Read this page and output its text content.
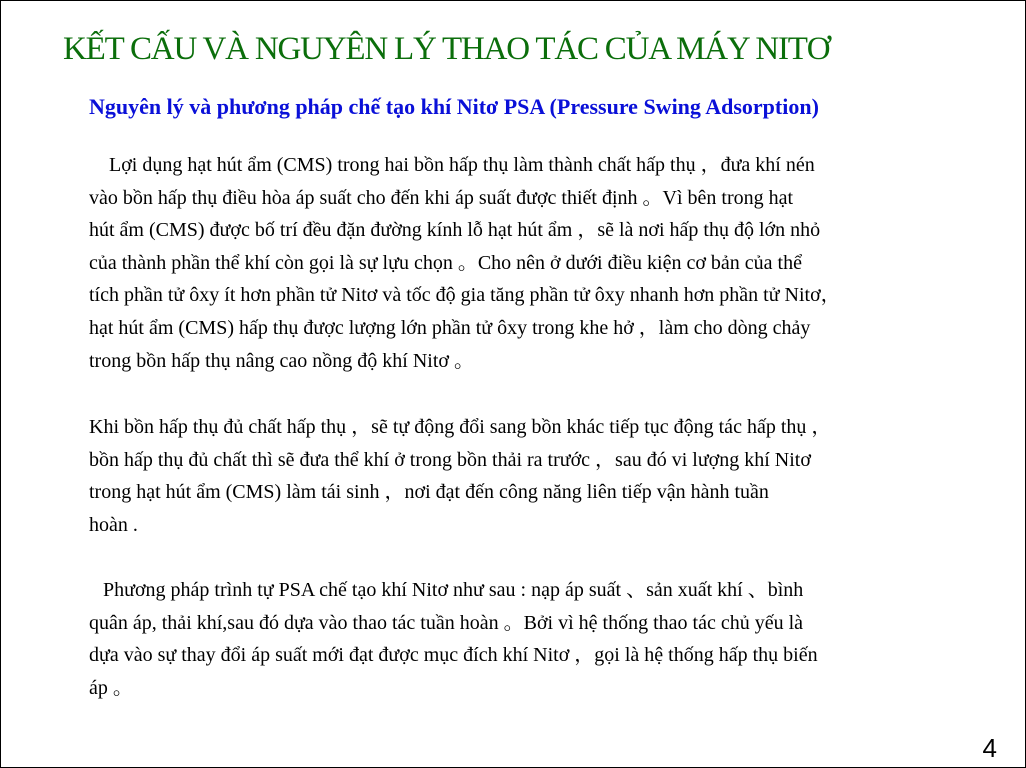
KẾT CẤU VÀ NGUYÊN LÝ THAO TÁC CỦA MÁY NITƠ
Nguyên lý và phương pháp chế tạo khí Nitơ PSA (Pressure Swing Adsorption)

Lợi dụng hạt hút ẩm (CMS) trong hai bồn hấp thụ làm thành chất hấp thụ ，đưa khí nén
vào bồn hấp thụ điều hòa áp suất cho đến khi áp suất được thiết định 。Vì bên trong hạt
hút ẩm (CMS) được bố trí đều đặn đường kính lỗ hạt hút ẩm ，sẽ là nơi hấp thụ độ lớn nhỏ
của thành phần thể khí còn gọi là sự lựu chọn 。Cho nên ở dưới điều kiện cơ bản của thể
tích phần tử ôxy ít hơn phần tử Nitơ và tốc độ gia tăng phần tử ôxy nhanh hơn phần tử Nitơ，
hạt hút ẩm (CMS) hấp thụ được lượng lớn phần tử ôxy trong khe hở ，làm cho dòng chảy
trong bồn hấp thụ nâng cao nồng độ khí Nitơ 。

Khi bồn hấp thụ đủ chất hấp thụ ，sẽ tự động đổi sang bồn khác tiếp tục động tác hấp thụ ，
bồn hấp thụ đủ chất thì sẽ đưa thể khí ở trong bồn thải ra trước ，sau đó vi lượng khí Nitơ
trong hạt hút ẩm (CMS) làm tái sinh ，nơi đạt đến công năng liên tiếp vận hành tuần
hoàn .

Phương pháp trình tự PSA chế tạo khí Nitơ như sau : nạp áp suất 、sản xuất khí 、bình
quân áp, thải khí,sau đó dựa vào thao tác tuần hoàn 。Bởi vì hệ thống thao tác chủ yếu là
dựa vào sự thay đổi áp suất mới đạt được mục đích khí Nitơ ，gọi là hệ thống hấp thụ biến
áp 。

4
